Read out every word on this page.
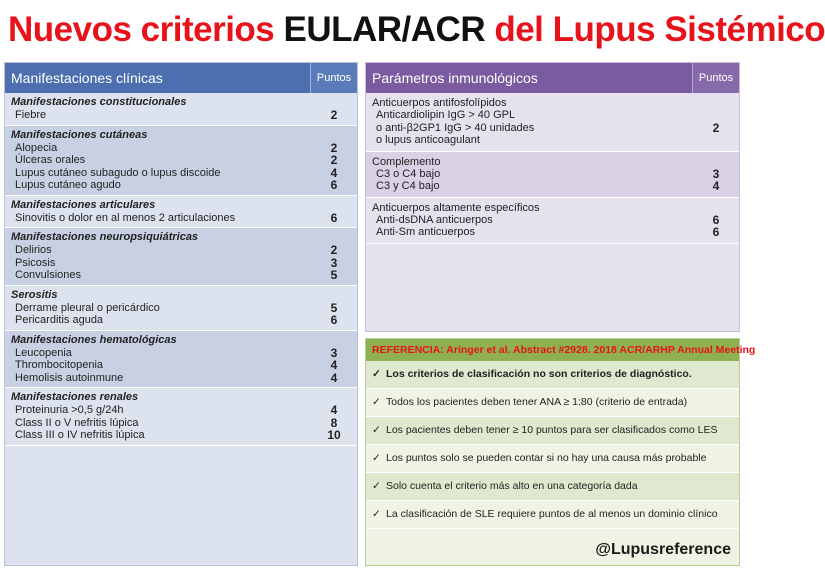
Nuevos criterios EULAR/ACR del Lupus Sistémico
Manifestaciones clínicas	Puntos
Manifestaciones constitucionales
Fiebre	2
Manifestaciones cutáneas
Alopecia	2
Úlceras orales	2
Lupus cutáneo subagudo o lupus discoide	4
Lupus cutáneo agudo	6
Manifestaciones articulares
Sinovitis o dolor en al menos 2 articulaciones	6
Manifestaciones neuropsiquiátricas
Delirios	2
Psicosis	3
Convulsiones	5
Serositis
Derrame pleural o pericárdico	5
Pericarditis aguda	6
Manifestaciones hematológicas
Leucopenia	3
Thrombocitopenia	4
Hemolisis autoinmune	4
Manifestaciones renales
Proteinuria >0,5 g/24h	4
Class II o V nefritis lúpica	8
Class III o IV nefritis lúpica	10
Parámetros inmunológicos	Puntos
Anticuerpos antifosfolípidos
Anticardiolipin IgG > 40 GPL
o anti-β2GP1 IgG > 40 unidades	2
o lupus anticoagulant
Complemento
C3 o C4 bajo	3
C3 y C4 bajo	4
Anticuerpos altamente específicos
Anti-dsDNA anticuerpos	6
Anti-Sm anticuerpos	6
REFERENCIA: Aringer et al. Abstract #2928. 2018 ACR/ARHP Annual Meeting
✓ Los criterios de clasificación no son criterios de diagnóstico.
✓ Todos los pacientes deben tener ANA ≥ 1:80 (criterio de entrada)
✓ Los pacientes deben tener ≥ 10 puntos para ser clasificados como LES
✓ Los puntos solo se pueden contar si no hay una causa más probable
✓ Solo cuenta el criterio más alto en una categoría dada
✓ La clasificación de SLE requiere puntos de al menos un dominio clínico
@Lupusreference
